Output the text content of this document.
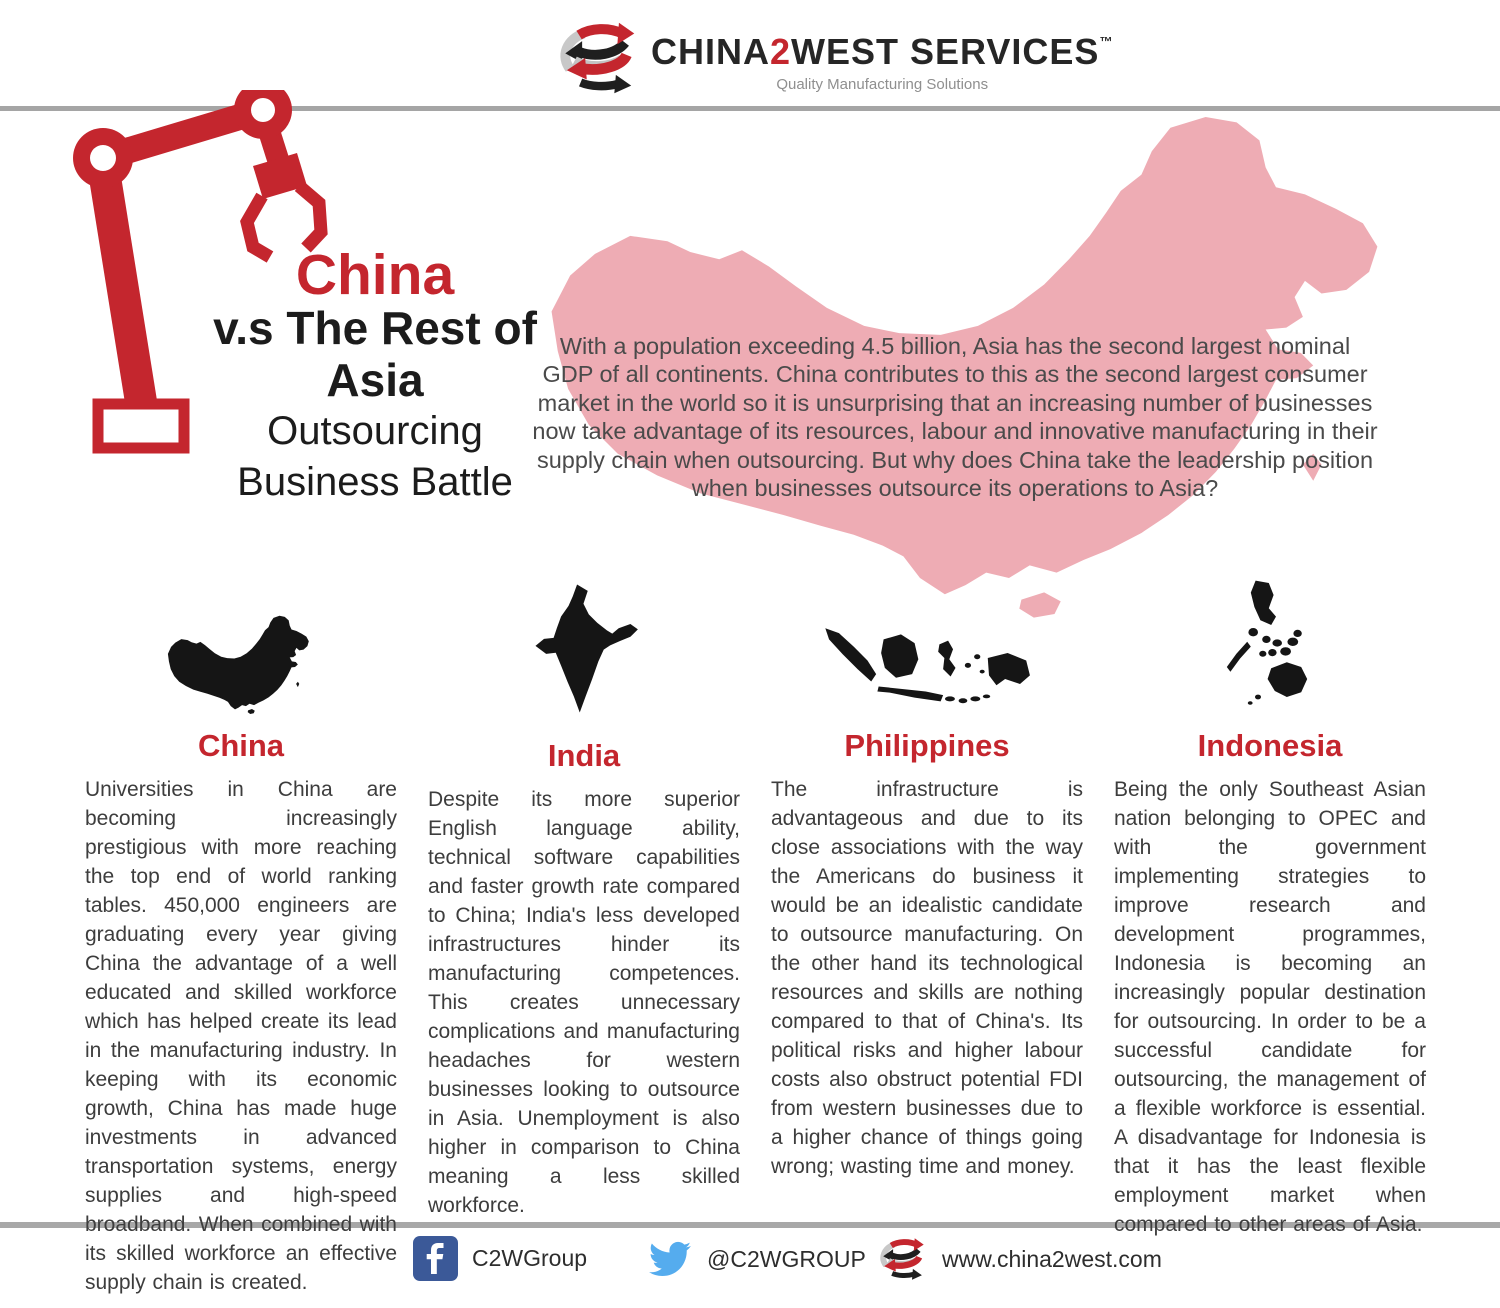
CHINA2WEST SERVICES™
Quality Manufacturing Solutions

With a population exceeding 4.5 billion, Asia has the second largest nominal GDP of all continents. China contributes to this as the second largest consumer market in the world so it is unsurprising that an increasing number of businesses now take advantage of its resources, labour and innovative manufacturing in their supply chain when outsourcing. But why does China take the leadership position when businesses outsource its operations to Asia?

China
v.s The Rest of
Asia
Outsourcing
Business Battle
China

Universities in China are becoming increasingly prestigious with more reaching the top end of world ranking tables. 450,000 engineers are graduating every year giving China the advantage of a well educated and skilled workforce which has helped create its lead in the manufacturing industry. In keeping with its economic growth, China has made huge investments in advanced transportation systems, energy supplies and high-speed broadband. When combined with its skilled workforce an effective supply chain is created.

India

Despite its more superior English language ability, technical software capabilities and faster growth rate compared to China; India's less developed infrastructures hinder its manufacturing competences. This creates unnecessary complications and manufacturing headaches for western businesses looking to outsource in Asia. Unemployment is also higher in comparison to China meaning a less skilled workforce.

Philippines

The infrastructure is advantageous and due to its close associations with the way the Americans do business it would be an idealistic candidate to outsource manufacturing. On the other hand its technological resources and skills are nothing compared to that of China's. Its political risks and higher labour costs also obstruct potential FDI from western businesses due to a higher chance of things going wrong; wasting time and money.

Indonesia

Being the only Southeast Asian nation belonging to OPEC and with the government implementing strategies to improve research and development programmes, Indonesia is becoming an increasingly popular destination for outsourcing. In order to be a successful candidate for outsourcing, the management of a flexible workforce is essential. A disadvantage for Indonesia is that it has the least flexible employment market when compared to other areas of Asia.

C2WGroup	@C2WGROUP	www.china2west.com
